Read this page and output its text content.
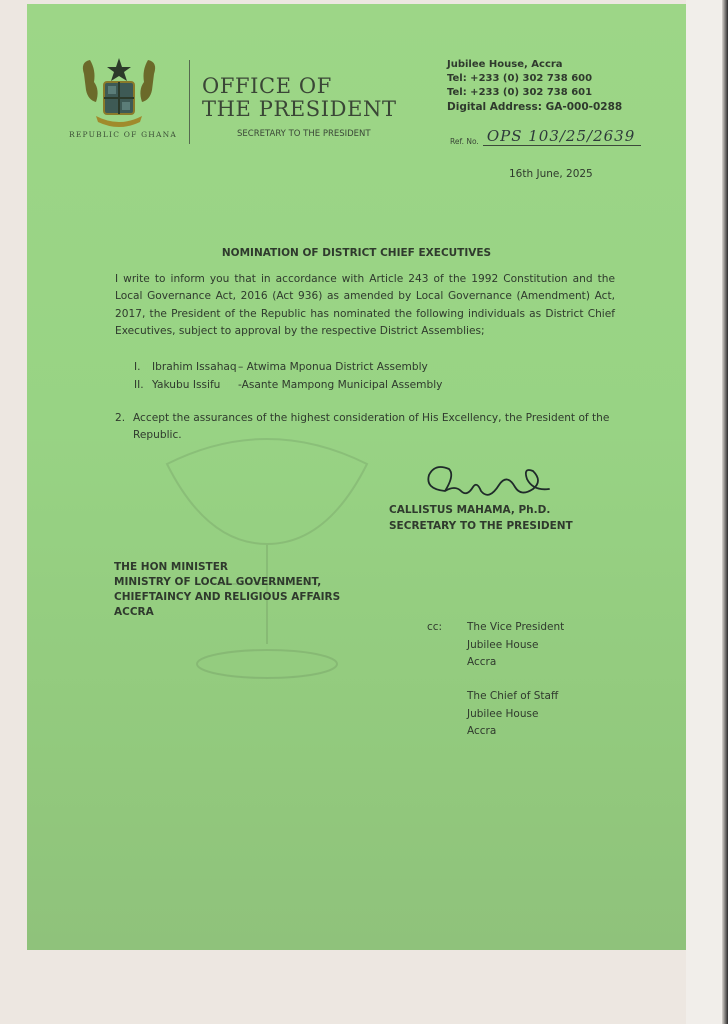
REPUBLIC OF GHANA
OFFICE OF
THE PRESIDENT
SECRETARY TO THE PRESIDENT
Jubilee House, Accra
Tel: +233 (0) 302 738 600
Tel: +233 (0) 302 738 601
Digital Address: GA-000-0288
Ref. No. OPS 103/25/2639
16th June, 2025
NOMINATION OF DISTRICT CHIEF EXECUTIVES
I write to inform you that in accordance with Article 243 of the 1992 Constitution and the Local Governance Act, 2016 (Act 936) as amended by Local Governance (Amendment) Act, 2017, the President of the Republic has nominated the following individuals as District Chief Executives, subject to approval by the respective District Assemblies;
I. Ibrahim Issahaq– Atwima Mponua District Assembly
II. Yakubu Issifu -Asante Mampong Municipal Assembly
2. Accept the assurances of the highest consideration of His Excellency, the President of the
Republic.
CALLISTUS MAHAMA, Ph.D.
SECRETARY TO THE PRESIDENT
THE HON MINISTER
MINISTRY OF LOCAL GOVERNMENT,
CHIEFTAINCY AND RELIGIOUS AFFAIRS
ACCRA
cc: The Vice President
Jubilee House
Accra
The Chief of Staff
Jubilee House
Accra
